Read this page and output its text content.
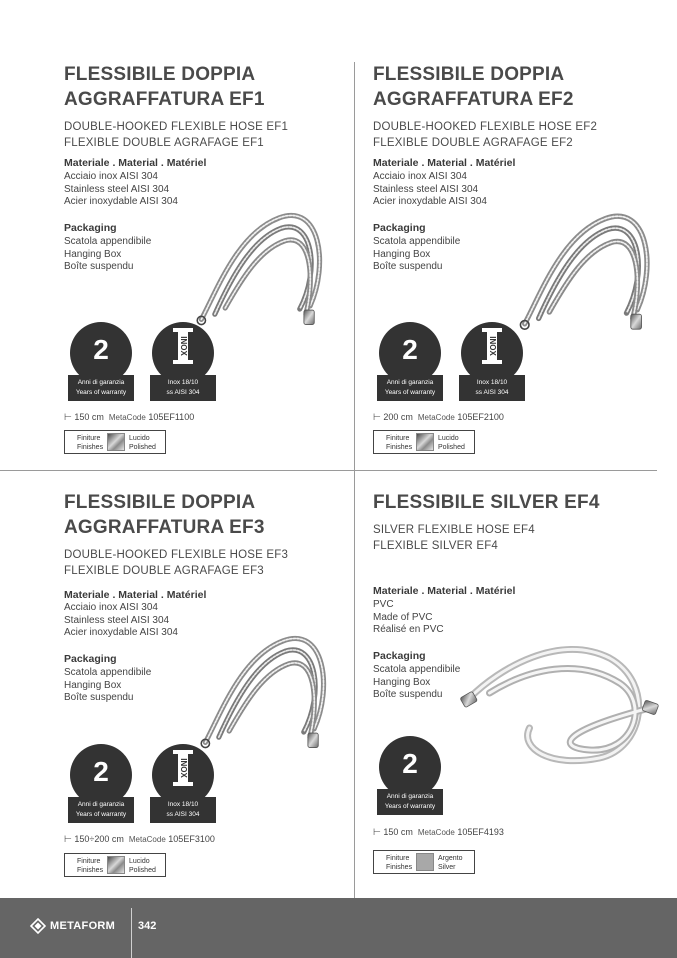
FLESSIBILE DOPPIA
AGGRAFFATURA EF1
DOUBLE-HOOKED FLEXIBLE HOSE EF1
FLEXIBLE DOUBLE AGRAFAGE EF1
Materiale . Material . Matériel
Acciaio inox AISI 304
Stainless steel AISI 304
Acier inoxydable AISI 304
Packaging
Scatola appendibile
Hanging Box
Boîte suspendu
2
Anni di garanzia
Years of warranty
INOX
Inox 18/10
ss AISI 304
⊢ 150 cm MetaCode 105EF1100
Finiture
Finishes
Lucido
Polished
FLESSIBILE DOPPIA
AGGRAFFATURA EF2
DOUBLE-HOOKED FLEXIBLE HOSE EF2
FLEXIBLE DOUBLE AGRAFAGE EF2
Materiale . Material . Matériel
Acciaio inox AISI 304
Stainless steel AISI 304
Acier inoxydable AISI 304
Packaging
Scatola appendibile
Hanging Box
Boîte suspendu
2
Anni di garanzia
Years of warranty
INOX
Inox 18/10
ss AISI 304
⊢ 200 cm MetaCode 105EF2100
Finiture
Finishes
Lucido
Polished
FLESSIBILE DOPPIA
AGGRAFFATURA EF3
DOUBLE-HOOKED FLEXIBLE HOSE EF3
FLEXIBLE DOUBLE AGRAFAGE EF3
Materiale . Material . Matériel
Acciaio inox AISI 304
Stainless steel AISI 304
Acier inoxydable AISI 304
Packaging
Scatola appendibile
Hanging Box
Boîte suspendu
2
Anni di garanzia
Years of warranty
INOX
Inox 18/10
ss AISI 304
⊢ 150÷200 cm MetaCode 105EF3100
Finiture
Finishes
Lucido
Polished
FLESSIBILE SILVER EF4
SILVER FLEXIBLE HOSE EF4
FLEXIBLE SILVER EF4
Materiale . Material . Matériel
PVC
Made of PVC
Réalisé en PVC
Packaging
Scatola appendibile
Hanging Box
Boîte suspendu
2
Anni di garanzia
Years of warranty
⊢ 150 cm MetaCode 105EF4193
Finiture
Finishes
Argento
Silver
METAFORM 342
